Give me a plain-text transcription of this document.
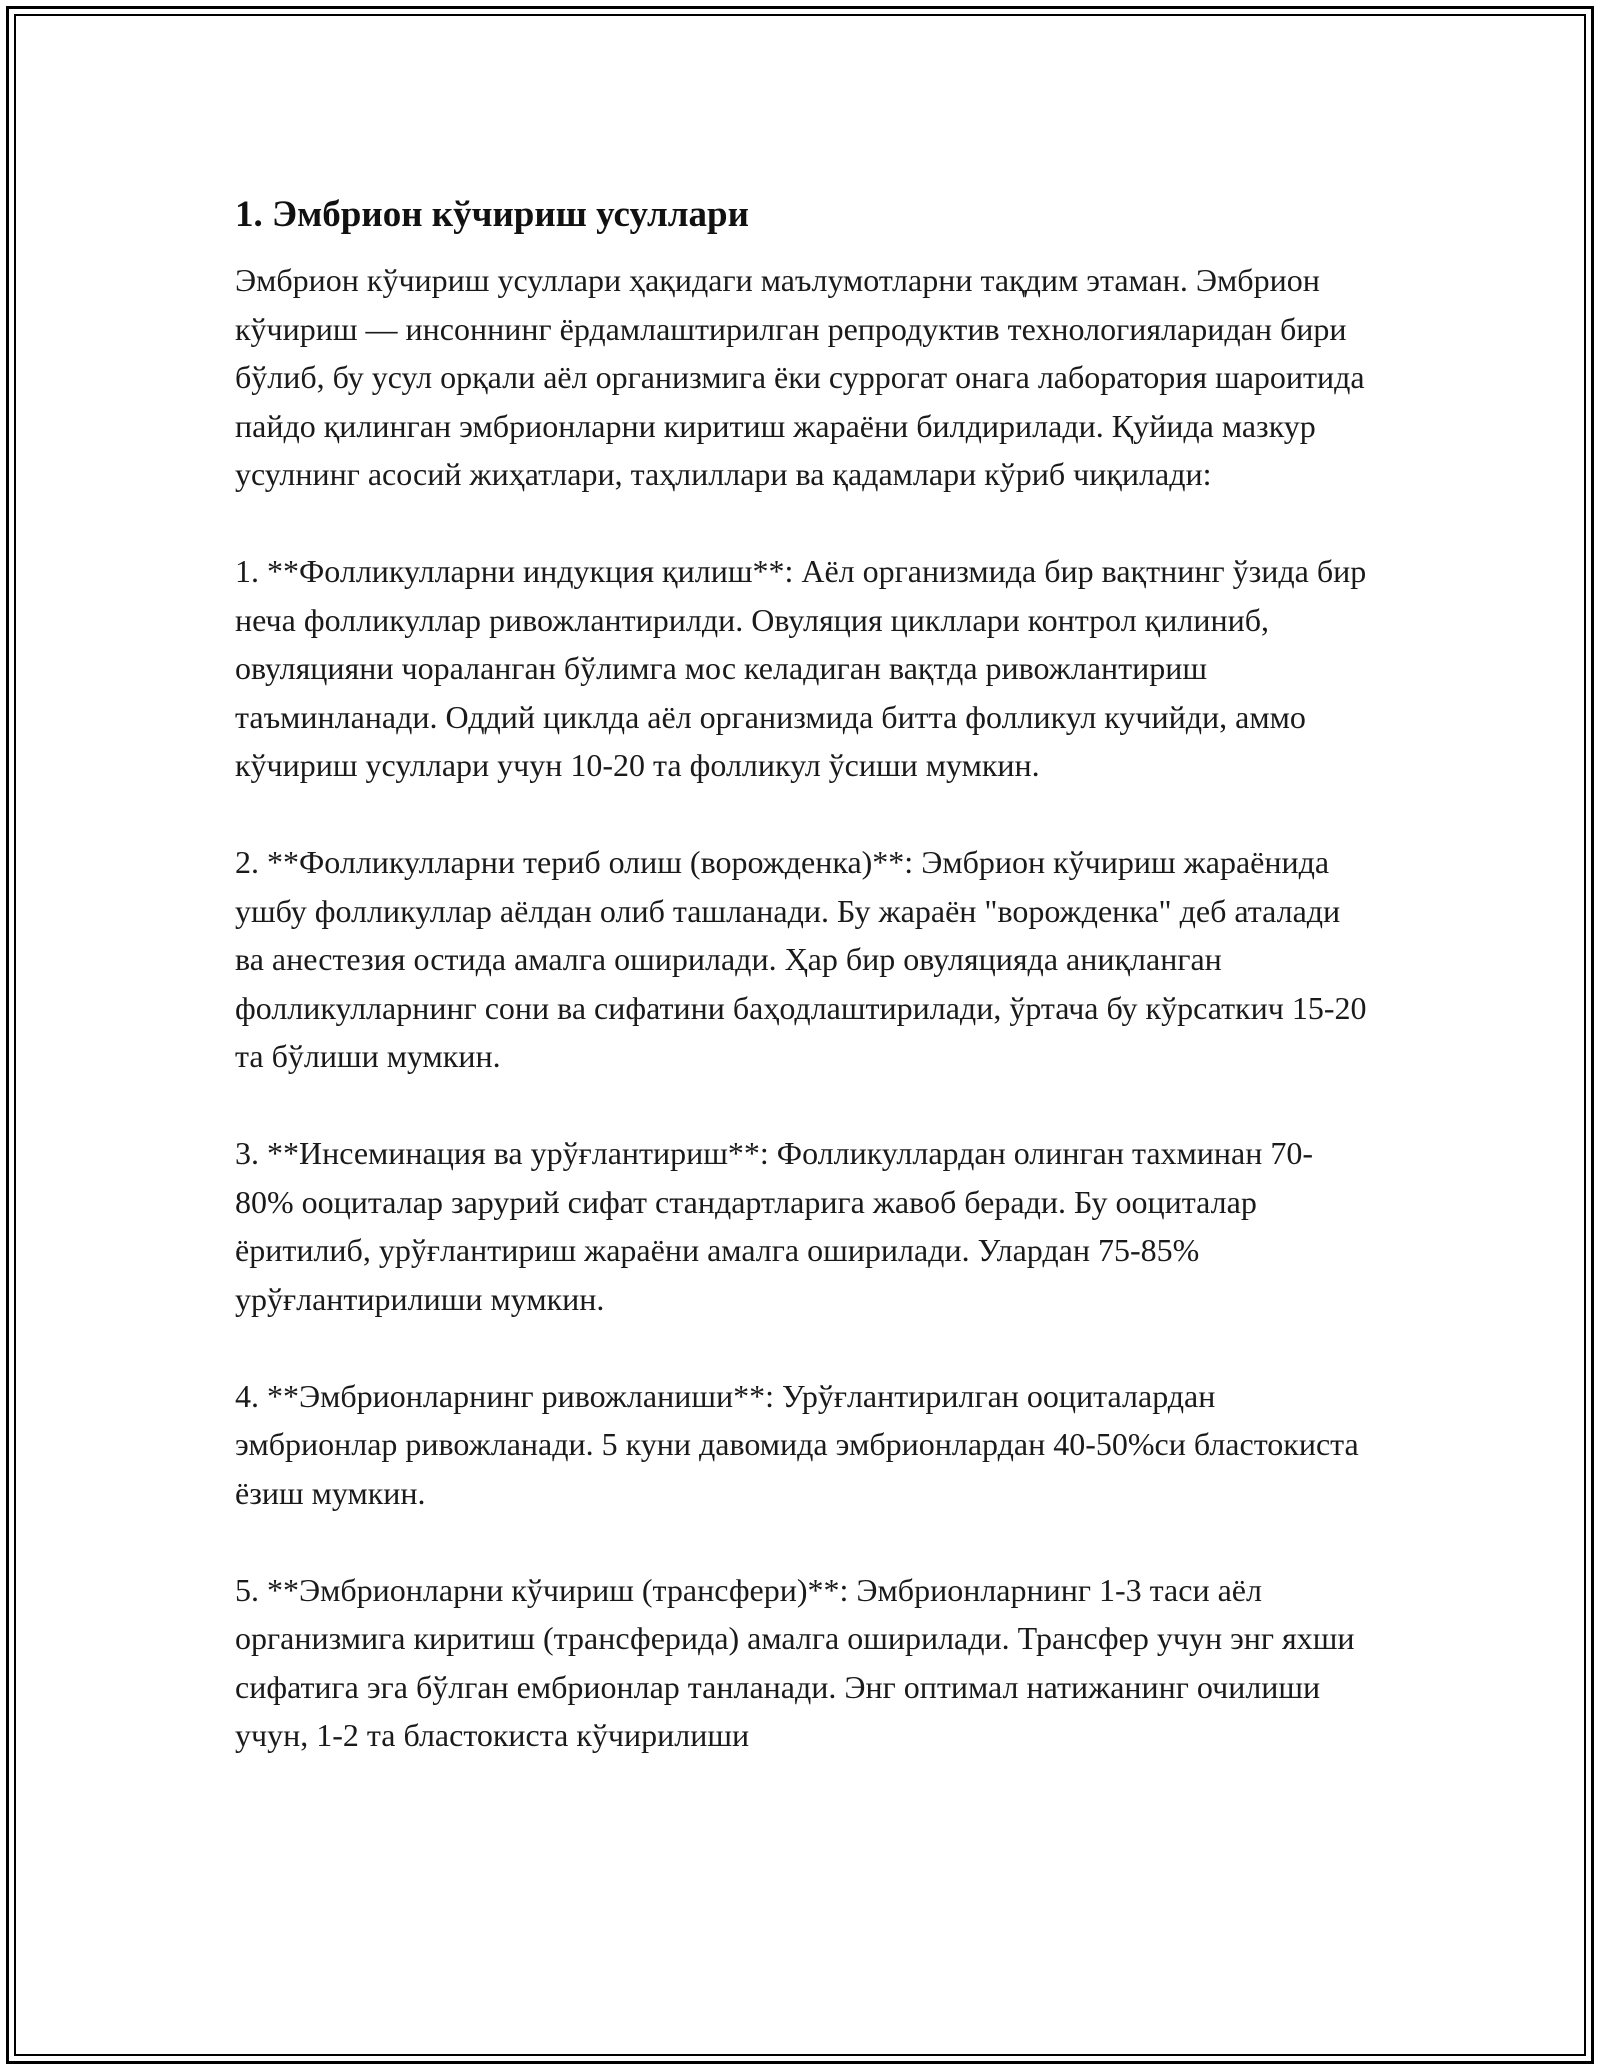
1. Эмбрион кўчириш усуллари

Эмбрион кўчириш усуллари ҳақидаги маълумотларни тақдим этаман. Эмбрион кўчириш — инсоннинг ёрдамлаштирилган репродуктив технологияларидан бири бўлиб, бу усул орқали аёл организмига ёки суррогат онага лаборатория шароитида пайдо қилинган эмбрионларни киритиш жараёни билдирилади. Қуйида мазкур усулнинг асосий жиҳатлари, таҳлиллари ва қадамлари кўриб чиқилади:

1. **Фолликулларни индукция қилиш**: Аёл организмида бир вақтнинг ўзида бир неча фолликуллар ривожлантирилди. Овуляция цикллари контрол қилиниб, овуляцияни чораланган бўлимга мос келадиган вақтда ривожлантириш таъминланади. Оддий циклда аёл организмида битта фолликул кучийди, аммо кўчириш усуллари учун 10-20 та фолликул ўсиши мумкин.

2. **Фолликулларни териб олиш (ворожденка)**: Эмбрион кўчириш жараёнида ушбу фолликуллар аёлдан олиб ташланади. Бу жараён "ворожденка" деб аталади ва анестезия остида амалга оширилади. Ҳар бир овуляцияда аниқланган фолликулларнинг сони ва сифатини баҳодлаштирилади, ўртача бу кўрсаткич 15-20 та бўлиши мумкин.

3. **Инсеминация ва урўғлантириш**: Фолликуллардан олинган тахминан 70-80% ооциталар зарурий сифат стандартларига жавоб беради. Бу ооциталар ёритилиб, урўғлантириш жараёни амалга оширилади. Улардан 75-85% урўғлантирилиши мумкин.

4. **Эмбрионларнинг ривожланиши**: Урўғлантирилган ооциталардан эмбрионлар ривожланади. 5 куни давомида эмбрионлардан 40-50%си бластокиста ёзиш мумкин.

5. **Эмбрионларни кўчириш (трансфери)**: Эмбрионларнинг 1-3 таси аёл организмига киритиш (трансферида) амалга оширилади. Трансфер учун энг яхши сифатига эга бўлган ембрионлар танланади. Энг оптимал натижанинг очилиши учун, 1-2 та бластокиста кўчирилиши
